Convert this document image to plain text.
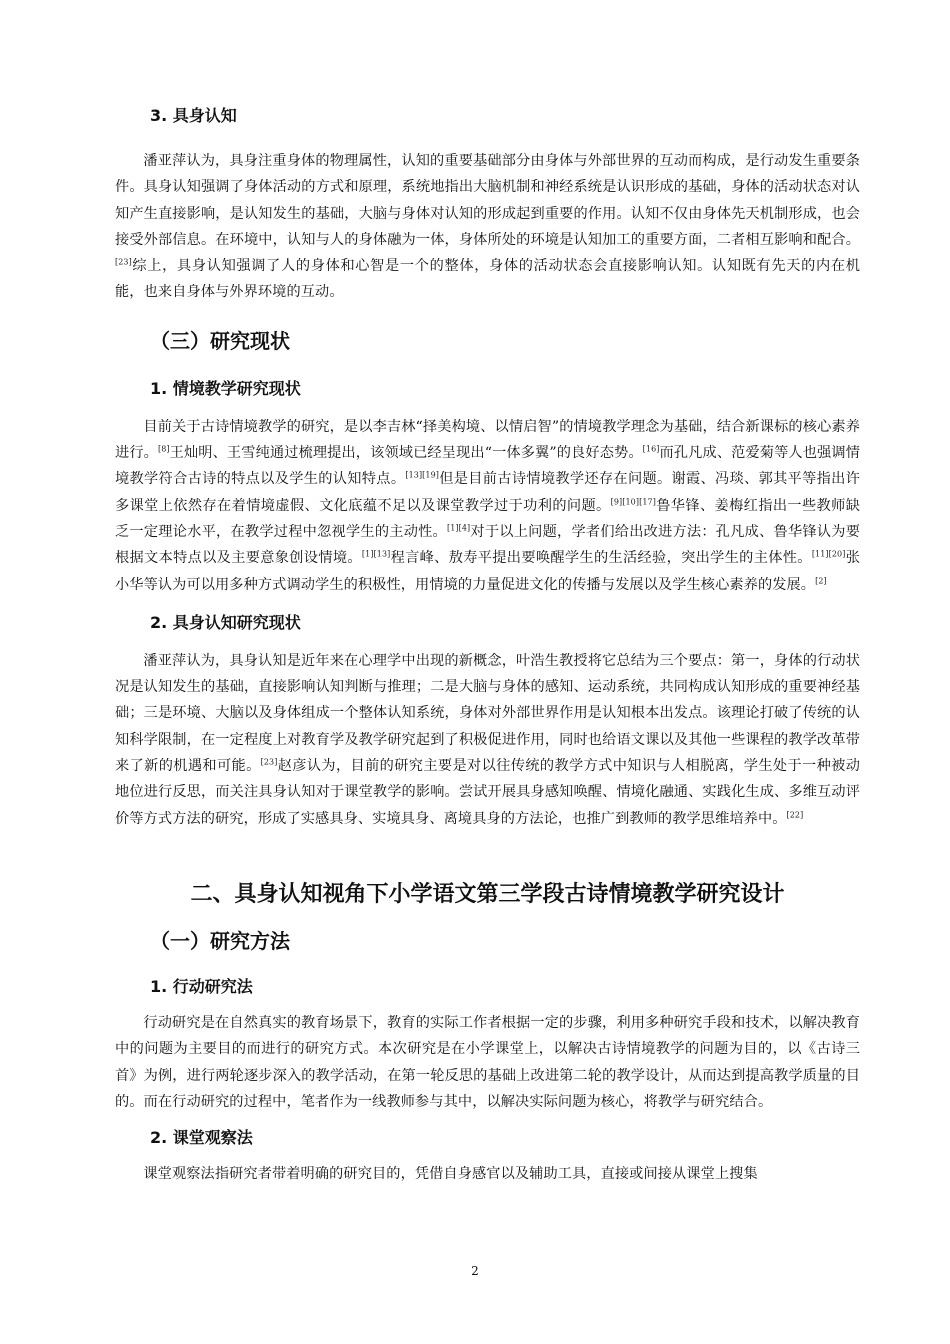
3. 具身认知

潘亚萍认为，具身注重身体的物理属性，认知的重要基础部分由身体与外部世界的互动而构成，是行动发生重要条件。具身认知强调了身体活动的方式和原理，系统地指出大脑机制和神经系统是认识形成的基础，身体的活动状态对认知产生直接影响，是认知发生的基础，大脑与身体对认知的形成起到重要的作用。认知不仅由身体先天机制形成，也会接受外部信息。在环境中，认知与人的身体融为一体，身体所处的环境是认知加工的重要方面，二者相互影响和配合。[23]综上，具身认知强调了人的身体和心智是一个的整体，身体的活动状态会直接影响认知。认知既有先天的内在机能，也来自身体与外界环境的互动。

（三）研究现状
1. 情境教学研究现状

目前关于古诗情境教学的研究，是以李吉林“择美构境、以情启智”的情境教学理念为基础，结合新课标的核心素养进行。[8]王灿明、王雪纯通过梳理提出，该领域已经呈现出“一体多翼”的良好态势。[16]而孔凡成、范爱菊等人也强调情境教学符合古诗的特点以及学生的认知特点。[13][19]但是目前古诗情境教学还存在问题。谢霞、冯琰、郭其平等指出许多课堂上依然存在着情境虚假、文化底蕴不足以及课堂教学过于功利的问题。[9][10][17]鲁华锋、姜梅红指出一些教师缺乏一定理论水平，在教学过程中忽视学生的主动性。[1][4]对于以上问题，学者们给出改进方法：孔凡成、鲁华锋认为要根据文本特点以及主要意象创设情境。[1][13]程言峰、敖寿平提出要唤醒学生的生活经验，突出学生的主体性。[11][20]张小华等认为可以用多种方式调动学生的积极性，用情境的力量促进文化的传播与发展以及学生核心素养的发展。[2]

2. 具身认知研究现状

潘亚萍认为，具身认知是近年来在心理学中出现的新概念，叶浩生教授将它总结为三个要点：第一，身体的行动状况是认知发生的基础，直接影响认知判断与推理；二是大脑与身体的感知、运动系统，共同构成认知形成的重要神经基础；三是环境、大脑以及身体组成一个整体认知系统，身体对外部世界作用是认知根本出发点。该理论打破了传统的认知科学限制，在一定程度上对教育学及教学研究起到了积极促进作用，同时也给语文课以及其他一些课程的教学改革带来了新的机遇和可能。[23]赵彦认为，目前的研究主要是对以往传统的教学方式中知识与人相脱离，学生处于一种被动地位进行反思，而关注具身认知对于课堂教学的影响。尝试开展具身感知唤醒、情境化融通、实践化生成、多维互动评价等方式方法的研究，形成了实感具身、实境具身、离境具身的方法论，也推广到教师的教学思维培养中。[22]

二、具身认知视角下小学语文第三学段古诗情境教学研究设计
（一）研究方法
1. 行动研究法

行动研究是在自然真实的教育场景下，教育的实际工作者根据一定的步骤，利用多种研究手段和技术，以解决教育中的问题为主要目的而进行的研究方式。本次研究是在小学课堂上，以解决古诗情境教学的问题为目的，以《古诗三首》为例，进行两轮逐步深入的教学活动，在第一轮反思的基础上改进第二轮的教学设计，从而达到提高教学质量的目的。而在行动研究的过程中，笔者作为一线教师参与其中，以解决实际问题为核心，将教学与研究结合。

2. 课堂观察法

课堂观察法指研究者带着明确的研究目的，凭借自身感官以及辅助工具，直接或间接从课堂上搜集

2
